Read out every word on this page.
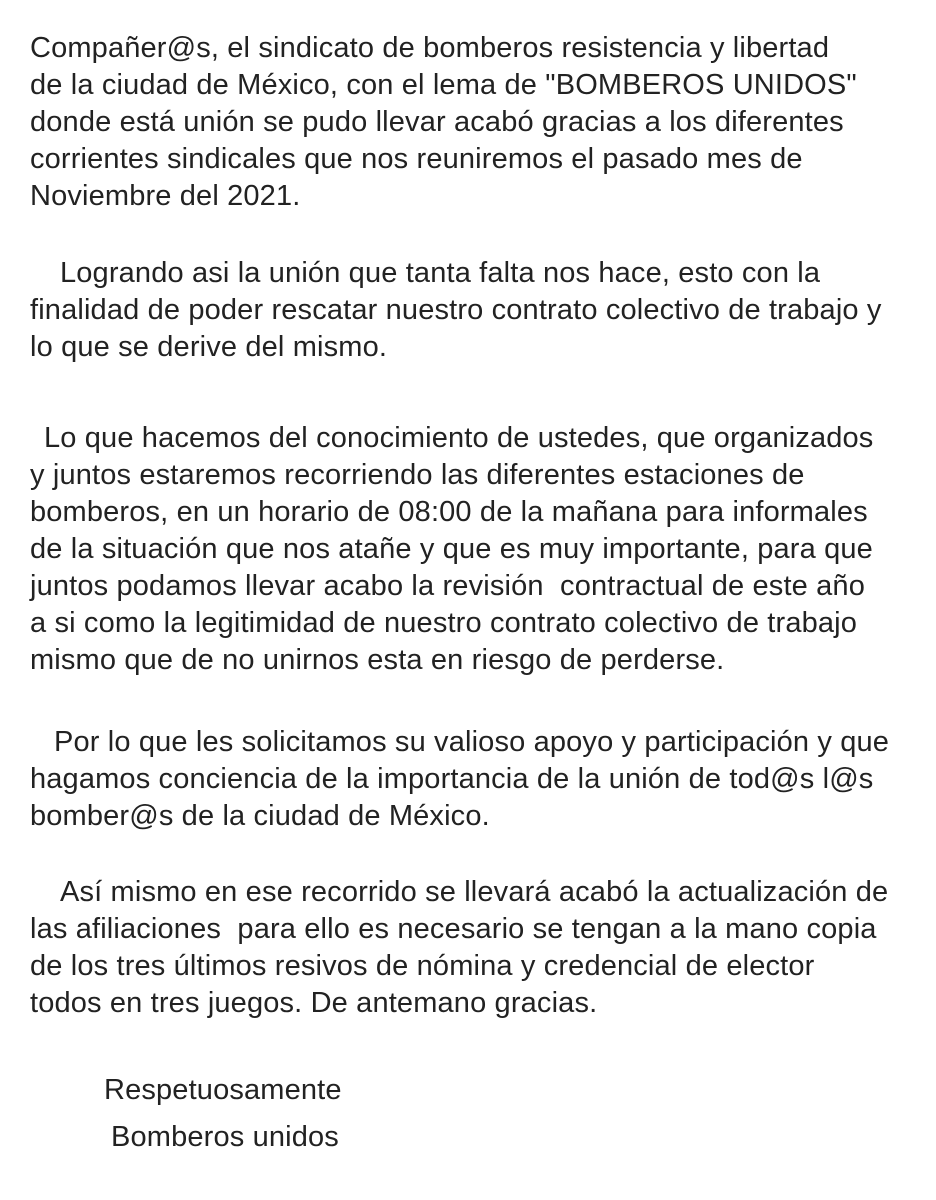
Compañer@s, el sindicato de bomberos resistencia y libertad
de la ciudad de México, con el lema de "BOMBEROS UNIDOS"
donde está unión se pudo llevar acabó gracias a los diferentes
corrientes sindicales que nos reuniremos el pasado mes de
Noviembre del 2021.
Logrando asi la unión que tanta falta nos hace, esto con la
finalidad de poder rescatar nuestro contrato colectivo de trabajo y
lo que se derive del mismo.
Lo que hacemos del conocimiento de ustedes, que organizados
y juntos estaremos recorriendo las diferentes estaciones de
bomberos, en un horario de 08:00 de la mañana para informales
de la situación que nos atañe y que es muy importante, para que
juntos podamos llevar acabo la revisión  contractual de este año
a si como la legitimidad de nuestro contrato colectivo de trabajo
mismo que de no unirnos esta en riesgo de perderse.
Por lo que les solicitamos su valioso apoyo y participación y que
hagamos conciencia de la importancia de la unión de tod@s l@s
bomber@s de la ciudad de México.
Así mismo en ese recorrido se llevará acabó la actualización de
las afiliaciones  para ello es necesario se tengan a la mano copia
de los tres últimos resivos de nómina y credencial de elector
todos en tres juegos. De antemano gracias.
Respetuosamente
Bomberos unidos
